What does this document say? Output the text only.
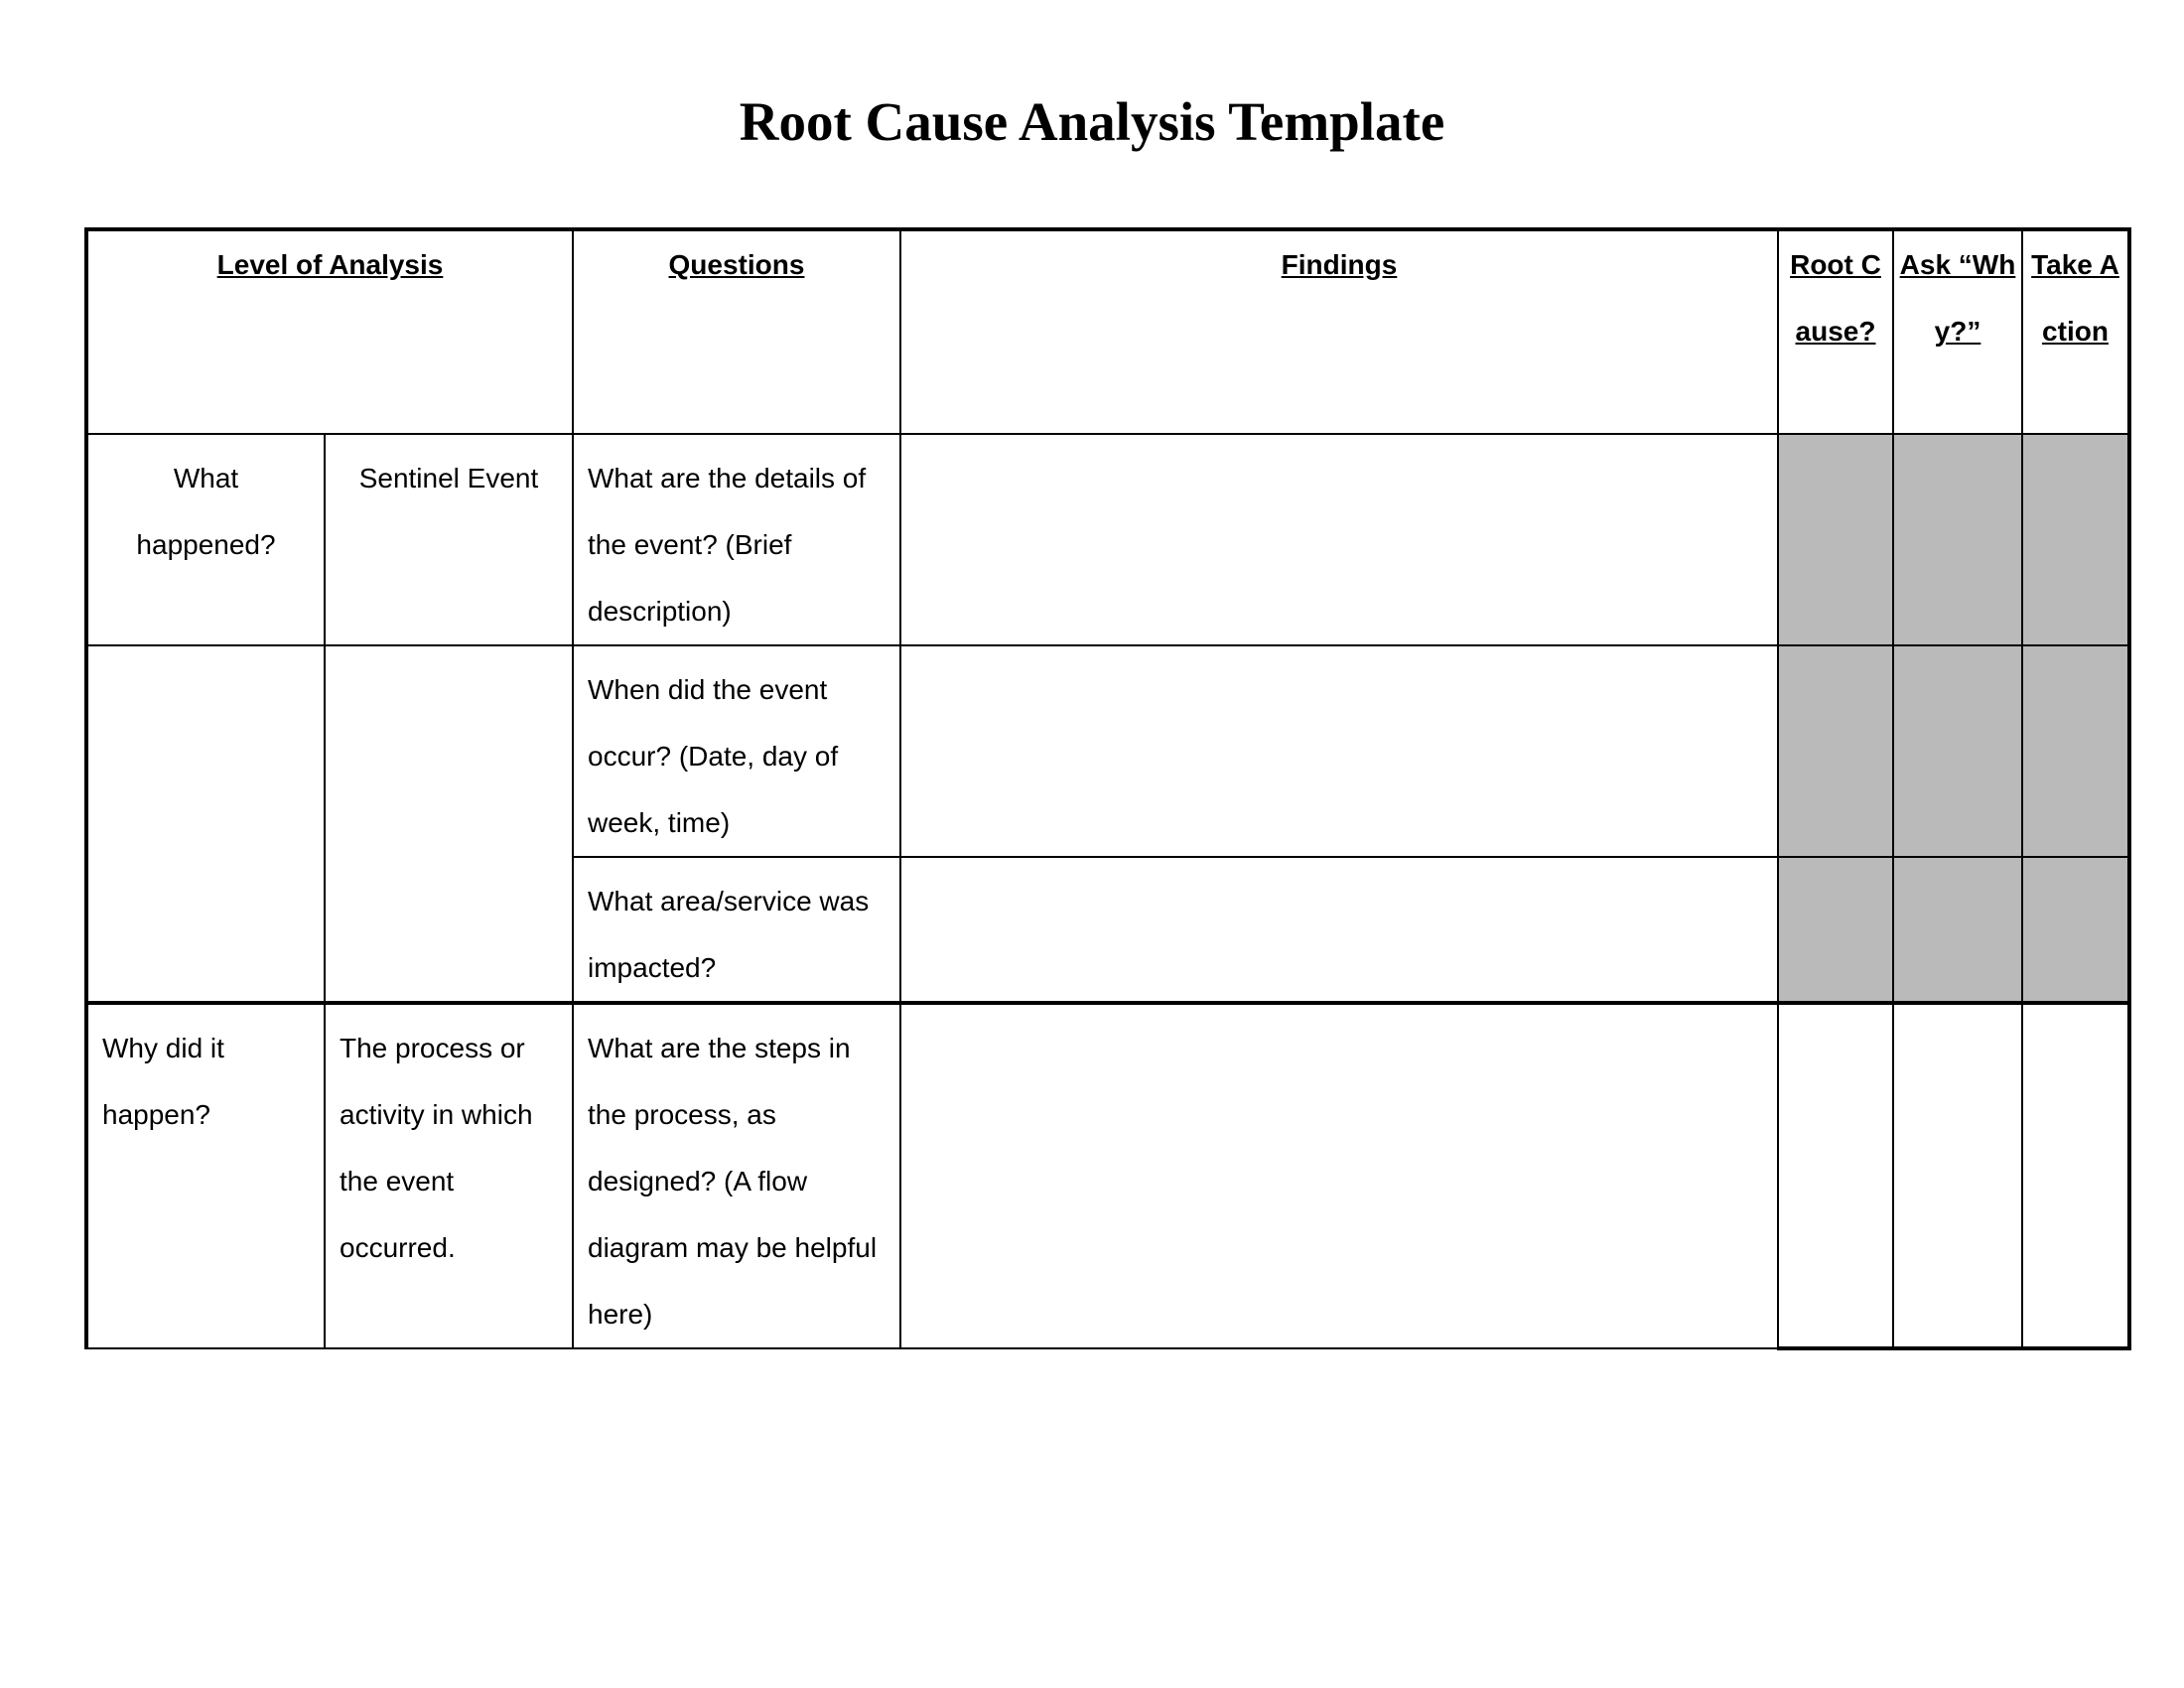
Root Cause Analysis Template
Level of Analysis		Questions	Findings	Root Cause?	Ask “Why?”	Take Action
What happened?	Sentinel Event	What are the details of the event? (Brief description)				
		When did the event occur? (Date, day of week, time)				
		What area/service was impacted?				
Why did it happen?	The process or activity in which the event occurred.	What are the steps in the process, as designed? (A flow diagram may be helpful here)				
